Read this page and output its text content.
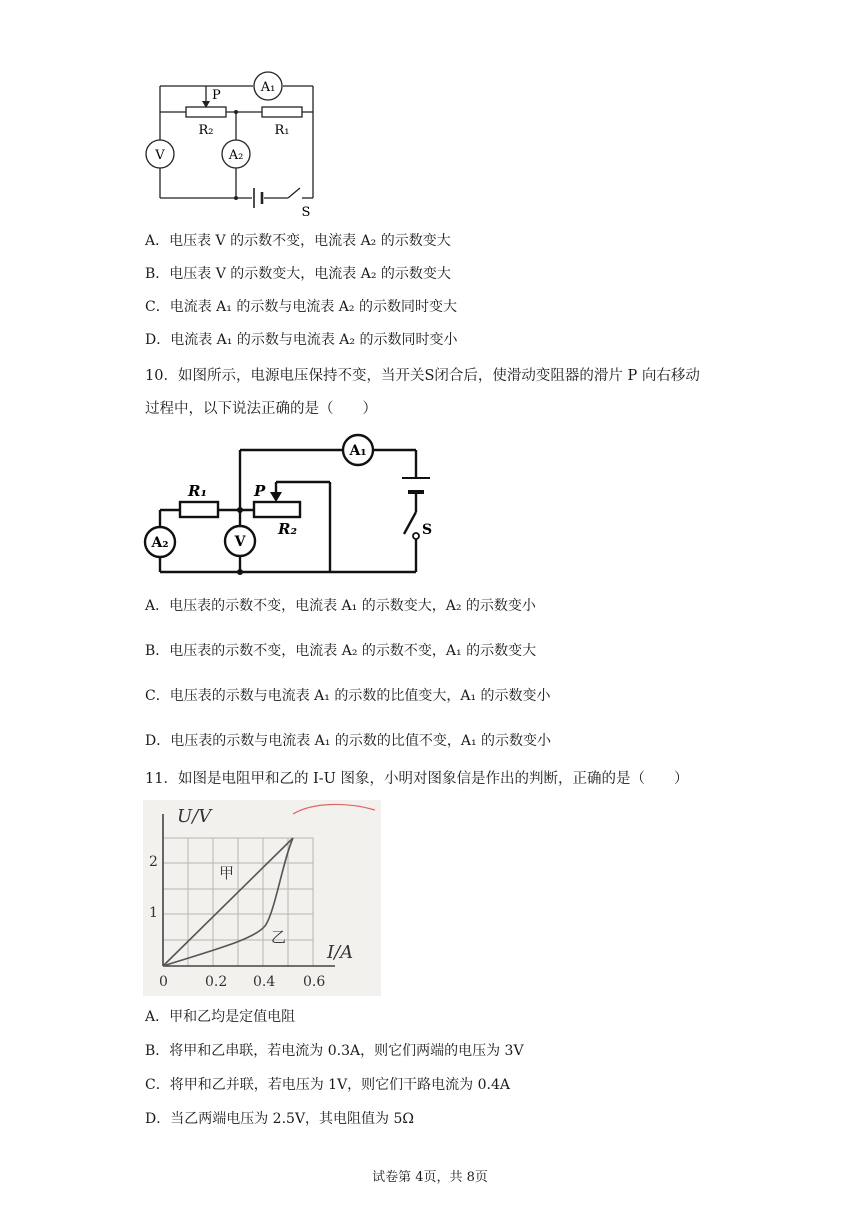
A₁
V	A₂
P
R₂	R₁
S
A．电压表 V 的示数不变，电流表 A₂ 的示数变大
B．电压表 V 的示数变大，电流表 A₂ 的示数变大
C．电流表 A₁ 的示数与电流表 A₂ 的示数同时变大
D．电流表 A₁ 的示数与电流表 A₂ 的示数同时变小
10．如图所示，电源电压保持不变，当开关S闭合后，使滑动变阻器的滑片 P 向右移动
过程中，以下说法正确的是（　　）
A₁
A₂	V
R₁	P
R₂	S
A．电压表的示数不变，电流表 A₁ 的示数变大，A₂ 的示数变小
B．电压表的示数不变，电流表 A₂ 的示数不变，A₁ 的示数变大
C．电压表的示数与电流表 A₁ 的示数的比值变大，A₁ 的示数变小
D．电压表的示数与电流表 A₁ 的示数的比值不变，A₁ 的示数变小
11．如图是电阻甲和乙的 I-U 图象，小明对图象信是作出的判断，正确的是（　　）
U/V
I/A
2
1
0	0.2 0.4 0.6
甲
乙
A．甲和乙均是定值电阻
B．将甲和乙串联，若电流为 0.3A，则它们两端的电压为 3V
C．将甲和乙并联，若电压为 1V，则它们干路电流为 0.4A
D．当乙两端电压为 2.5V，其电阻值为 5Ω
试卷第 4页，共 8页
